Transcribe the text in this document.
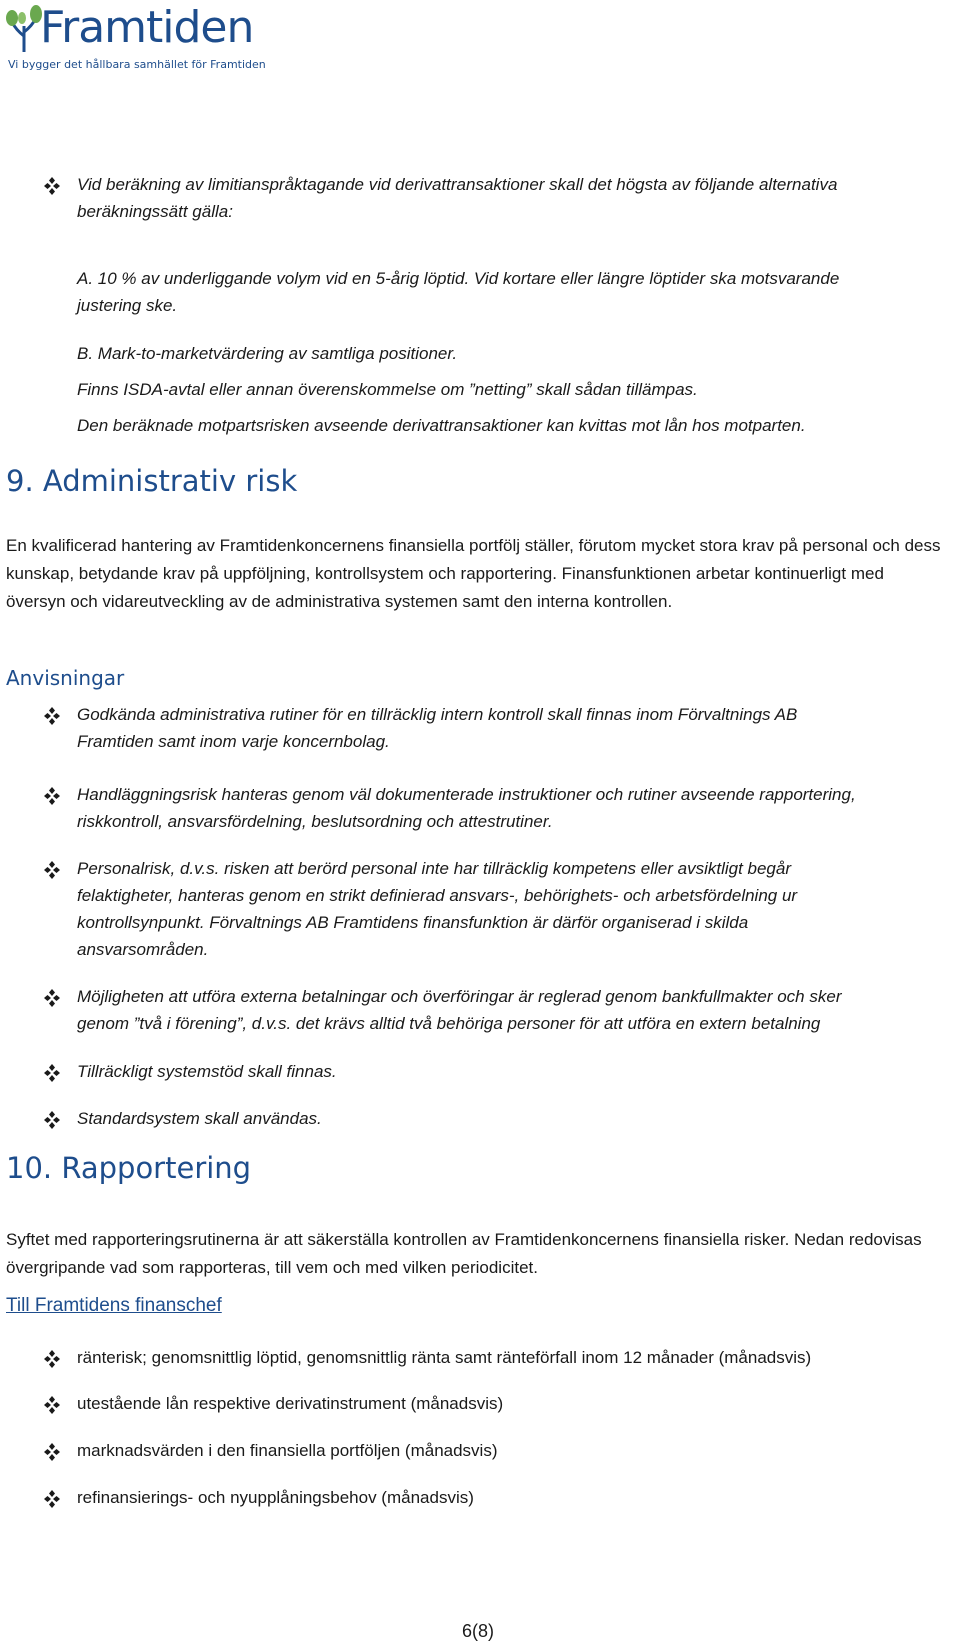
Framtiden
Vi bygger det hållbara samhället för Framtiden
Vid beräkning av limitianspråktagande vid derivattransaktioner skall det högsta av följande alternativa
beräkningssätt gälla:
A. 10 % av underliggande volym vid en 5-årig löptid. Vid kortare eller längre löptider ska motsvarande
justering ske.
B. Mark-to-marketvärdering av samtliga positioner.
Finns ISDA-avtal eller annan överenskommelse om ”netting” skall sådan tillämpas.
Den beräknade motpartsrisken avseende derivattransaktioner kan kvittas mot lån hos motparten.
9. Administrativ risk
En kvalificerad hantering av Framtidenkoncernens finansiella portfölj ställer, förutom mycket stora krav på personal och dess kunskap, betydande krav på uppföljning, kontrollsystem och rapportering. Finansfunktionen arbetar kontinuerligt med översyn och vidareutveckling av de administrativa systemen samt den interna kontrollen.
Anvisningar
Godkända administrativa rutiner för en tillräcklig intern kontroll skall finnas inom Förvaltnings AB
Framtiden samt inom varje koncernbolag.
Handläggningsrisk hanteras genom väl dokumenterade instruktioner och rutiner avseende rapportering,
riskkontroll, ansvarsfördelning, beslutsordning och attestrutiner.
Personalrisk, d.v.s. risken att berörd personal inte har tillräcklig kompetens eller avsiktligt begår
felaktigheter, hanteras genom en strikt definierad ansvars-, behörighets- och arbetsfördelning ur
kontrollsynpunkt. Förvaltnings AB Framtidens finansfunktion är därför organiserad i skilda
ansvarsområden.
Möjligheten att utföra externa betalningar och överföringar är reglerad genom bankfullmakter och sker
genom ”två i förening”, d.v.s. det krävs alltid två behöriga personer för att utföra en extern betalning
Tillräckligt systemstöd skall finnas.
Standardsystem skall användas.
10. Rapportering
Syftet med rapporteringsrutinerna är att säkerställa kontrollen av Framtidenkoncernens finansiella risker. Nedan redovisas övergripande vad som rapporteras, till vem och med vilken periodicitet.
Till Framtidens finanschef
ränterisk; genomsnittlig löptid, genomsnittlig ränta samt ränteförfall inom 12 månader (månadsvis)
utestående lån respektive derivatinstrument (månadsvis)
marknadsvärden i den finansiella portföljen (månadsvis)
refinansierings- och nyupplåningsbehov (månadsvis)
6(8)
